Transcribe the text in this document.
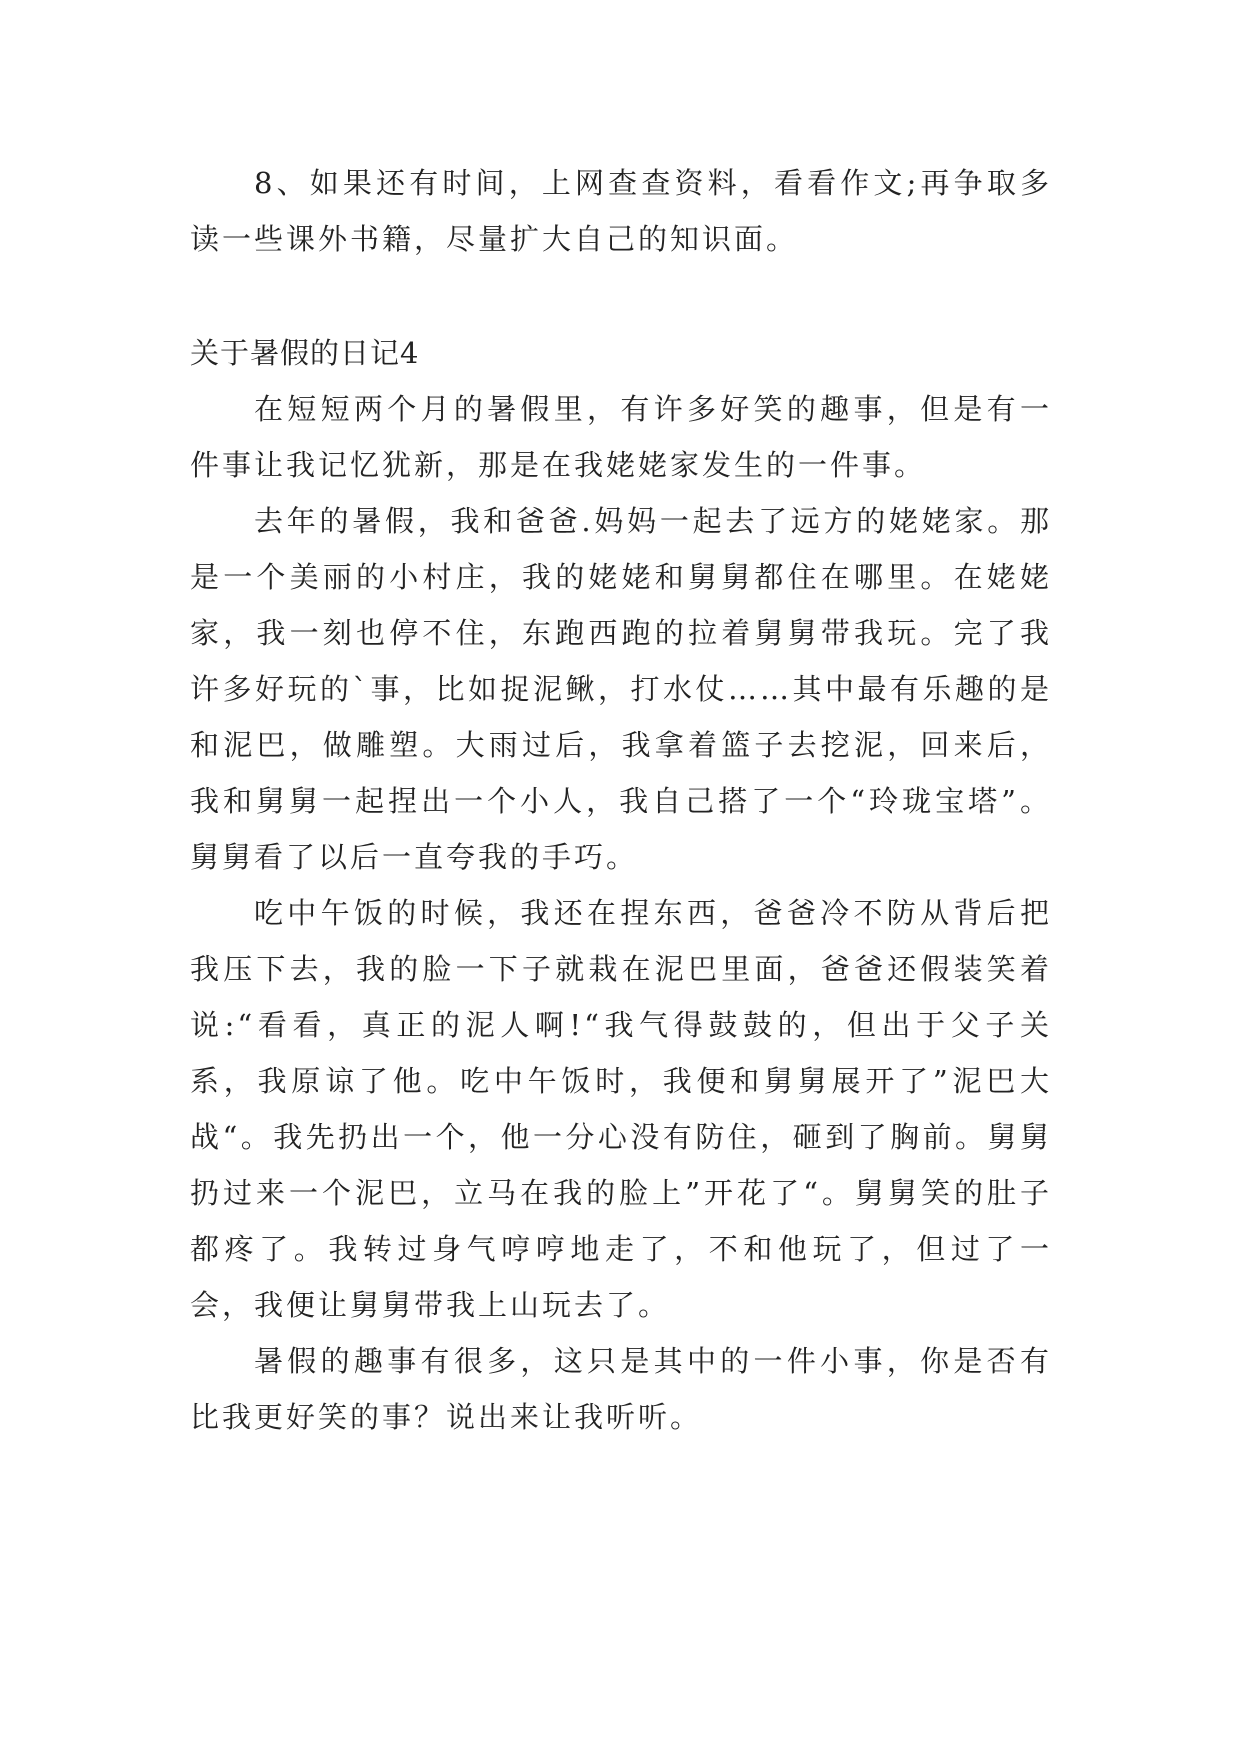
8、如果还有时间，上网查查资料，看看作文;再争取多读一些课外书籍，尽量扩大自己的知识面。

关于暑假的日记4

在短短两个月的暑假里，有许多好笑的趣事，但是有一件事让我记忆犹新，那是在我姥姥家发生的一件事。

去年的暑假，我和爸爸.妈妈一起去了远方的姥姥家。那是一个美丽的小村庄，我的姥姥和舅舅都住在哪里。在姥姥家，我一刻也停不住，东跑西跑的拉着舅舅带我玩。完了我许多好玩的`事，比如捉泥鳅，打水仗……其中最有乐趣的是和泥巴，做雕塑。大雨过后，我拿着篮子去挖泥，回来后，我和舅舅一起捏出一个小人，我自己搭了一个“玲珑宝塔”。舅舅看了以后一直夸我的手巧。

吃中午饭的时候，我还在捏东西，爸爸冷不防从背后把我压下去，我的脸一下子就栽在泥巴里面，爸爸还假装笑着说:“看看，真正的泥人啊!“我气得鼓鼓的，但出于父子关系，我原谅了他。吃中午饭时，我便和舅舅展开了”泥巴大战“。我先扔出一个，他一分心没有防住，砸到了胸前。舅舅扔过来一个泥巴，立马在我的脸上”开花了“。舅舅笑的肚子都疼了。我转过身气哼哼地走了，不和他玩了，但过了一会，我便让舅舅带我上山玩去了。

暑假的趣事有很多，这只是其中的一件小事，你是否有比我更好笑的事？说出来让我听听。
